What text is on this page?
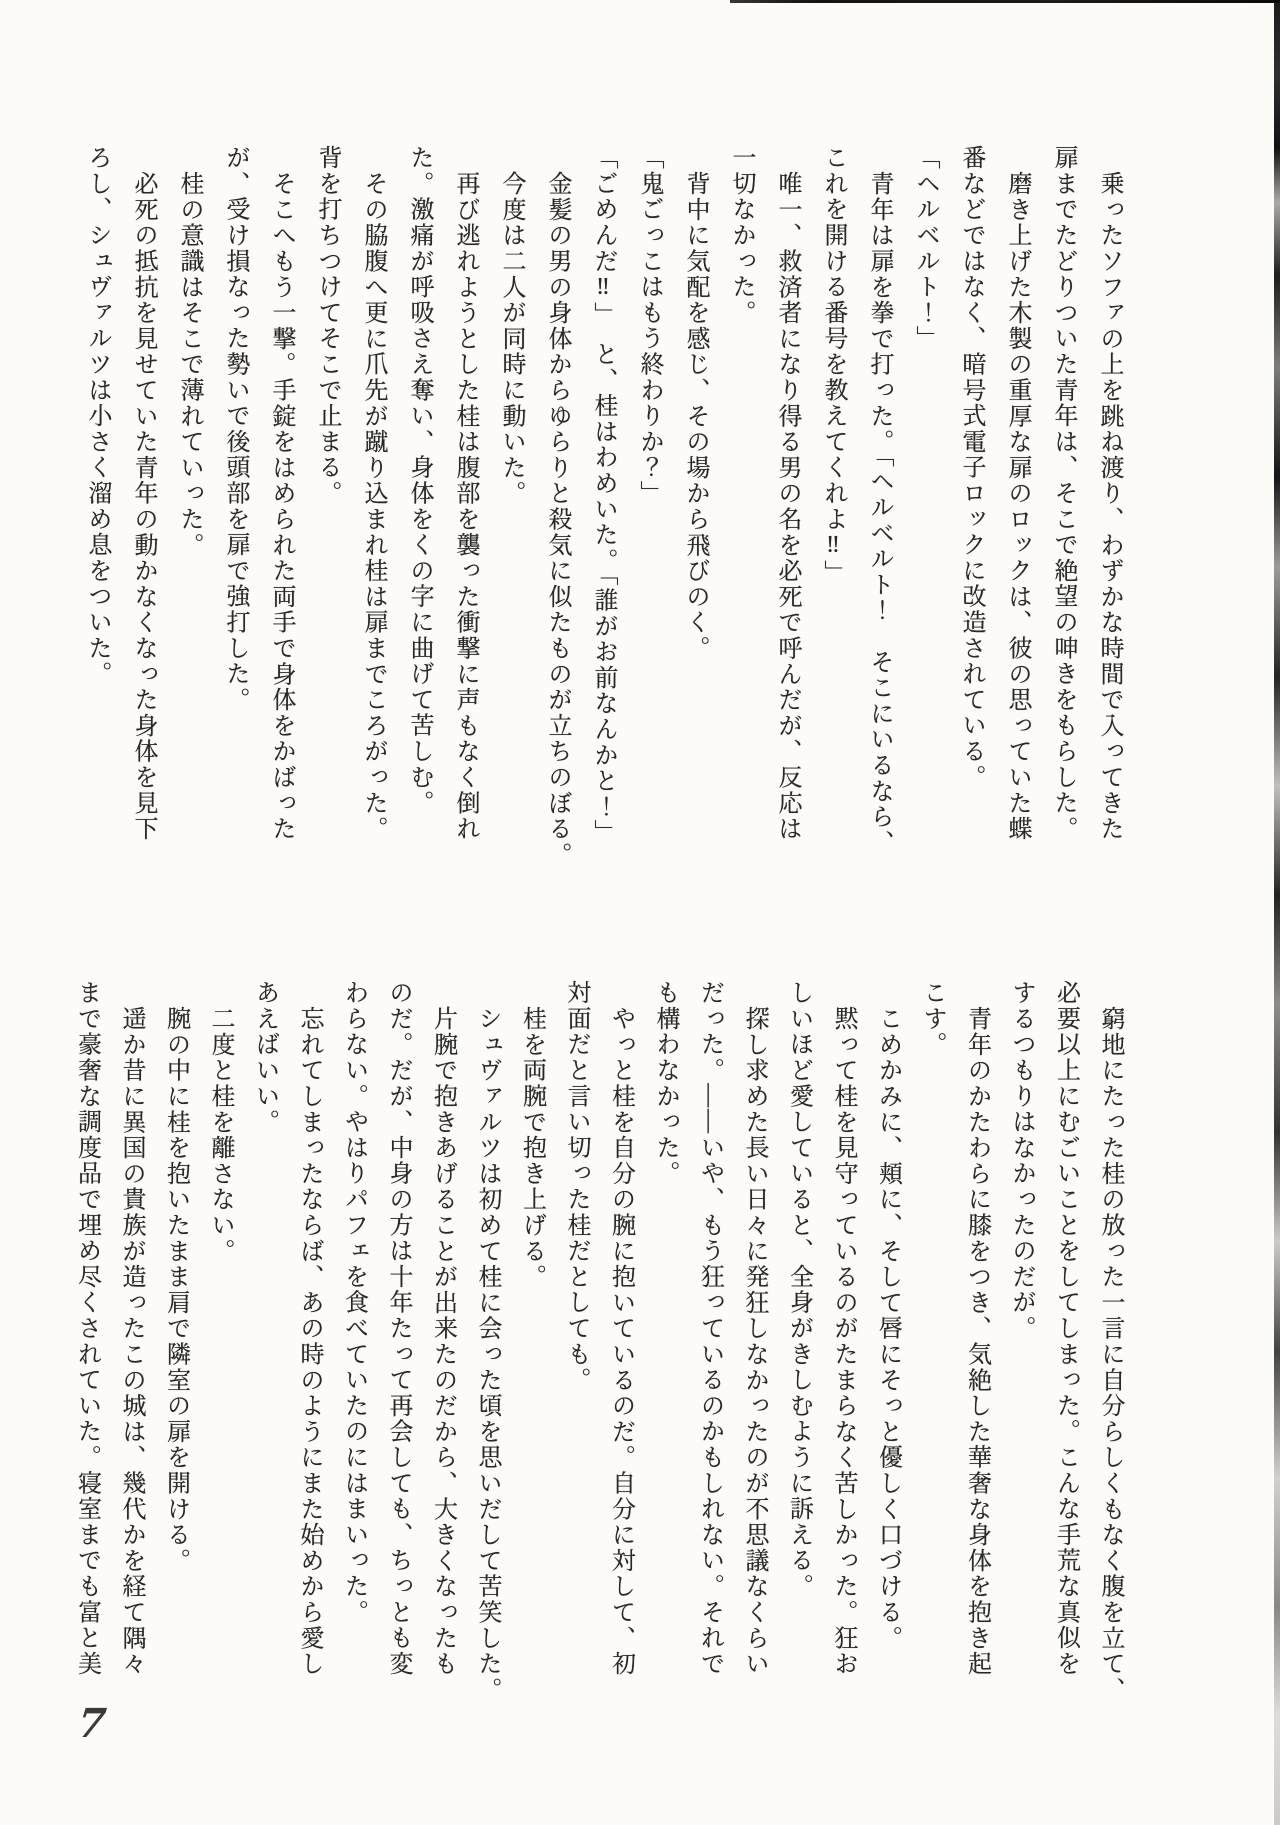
乗ったソファの上を跳ね渡り、わずかな時間で入ってきた
扉までたどりついた青年は、そこで絶望の呻きをもらした。
磨き上げた木製の重厚な扉のロックは、彼の思っていた蝶
番などではなく、暗号式電子ロックに改造されている。
「ヘルベルト！」
青年は扉を拳で打った。「ヘルベルト！　そこにいるなら、
これを開ける番号を教えてくれよ‼」
唯一、救済者になり得る男の名を必死で呼んだが、反応は
一切なかった。
背中に気配を感じ、その場から飛びのく。
「鬼ごっこはもう終わりか？」
「ごめんだ‼」　と、桂はわめいた。「誰がお前なんかと！」
金髪の男の身体からゆらりと殺気に似たものが立ちのぼる。
今度は二人が同時に動いた。
再び逃れようとした桂は腹部を襲った衝撃に声もなく倒れ
た。激痛が呼吸さえ奪い、身体をくの字に曲げて苦しむ。
その脇腹へ更に爪先が蹴り込まれ桂は扉までころがった。
背を打ちつけてそこで止まる。
そこへもう一撃。手錠をはめられた両手で身体をかばった
が、受け損なった勢いで後頭部を扉で強打した。
桂の意識はそこで薄れていった。
必死の抵抗を見せていた青年の動かなくなった身体を見下
ろし、シュヴァルツは小さく溜め息をついた。
窮地にたった桂の放った一言に自分らしくもなく腹を立て、
必要以上にむごいことをしてしまった。こんな手荒な真似を
するつもりはなかったのだが。
青年のかたわらに膝をつき、気絶した華奢な身体を抱き起
こす。
こめかみに、頬に、そして唇にそっと優しく口づける。
黙って桂を見守っているのがたまらなく苦しかった。狂お
しいほど愛していると、全身がきしむように訴える。
探し求めた長い日々に発狂しなかったのが不思議なくらい
だった。――いや、もう狂っているのかもしれない。それで
も構わなかった。
やっと桂を自分の腕に抱いているのだ。自分に対して、初
対面だと言い切った桂だとしても。
桂を両腕で抱き上げる。
シュヴァルツは初めて桂に会った頃を思いだして苦笑した。
片腕で抱きあげることが出来たのだから、大きくなったも
のだ。だが、中身の方は十年たって再会しても、ちっとも変
わらない。やはりパフェを食べていたのにはまいった。
忘れてしまったならば、あの時のようにまた始めから愛し
あえばいい。
二度と桂を離さない。
腕の中に桂を抱いたまま肩で隣室の扉を開ける。
遥か昔に異国の貴族が造ったこの城は、幾代かを経て隅々
まで豪奢な調度品で埋め尽くされていた。寝室までも富と美
7
